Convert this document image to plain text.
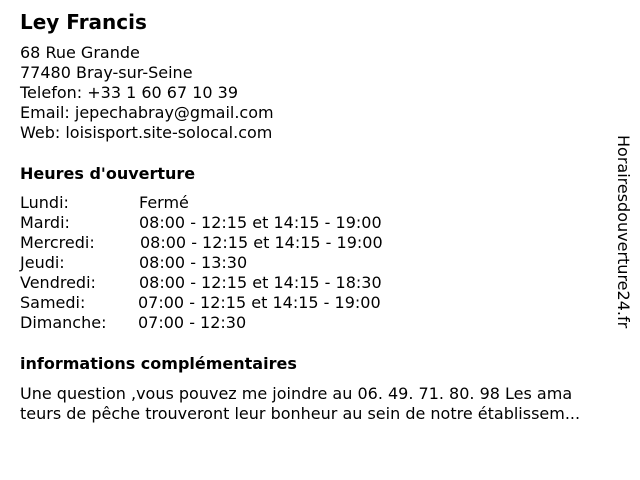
Ley Francis
68 Rue Grande
77480 Bray-sur-Seine
Telefon: +33 1 60 67 10 39
Email: jepechabray@gmail.com
Web: loisisport.site-solocal.com
Heures d'ouverture
Lundi:	Fermé
Mardi:	08:00 - 12:15 et 14:15 - 19:00
Mercredi:	08:00 - 12:15 et 14:15 - 19:00
Jeudi:	08:00 - 13:30
Vendredi:	08:00 - 12:15 et 14:15 - 18:30
Samedi:	07:00 - 12:15 et 14:15 - 19:00
Dimanche: 07:00 - 12:30
informations complémentaires
Une question ,vous pouvez me joindre au 06. 49. 71. 80. 98 Les ama
teurs de pêche trouveront leur bonheur au sein de notre établissem...
Horairesdouverture24.fr
